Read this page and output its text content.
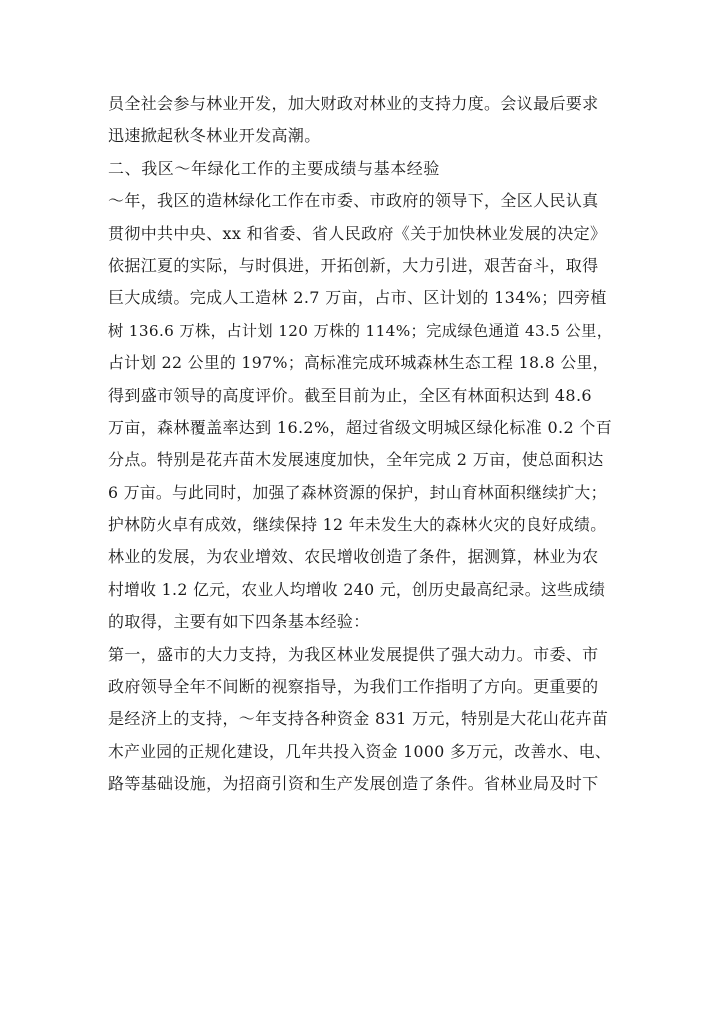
员全社会参与林业开发，加大财政对林业的支持力度。会议最后要求
迅速掀起秋冬林业开发高潮。
二、我区～年绿化工作的主要成绩与基本经验
～年，我区的造林绿化工作在市委、市政府的领导下，全区人民认真
贯彻中共中央、xx 和省委、省人民政府《关于加快林业发展的决定》
依据江夏的实际，与时俱进，开拓创新，大力引进，艰苦奋斗，取得
巨大成绩。完成人工造林 2.7 万亩，占市、区计划的 134%；四旁植
树 136.6 万株，占计划 120 万株的 114%；完成绿色通道 43.5 公里，
占计划 22 公里的 197%；高标准完成环城森林生态工程 18.8 公里，
得到盛市领导的高度评价。截至目前为止，全区有林面积达到 48.6
万亩，森林覆盖率达到 16.2%，超过省级文明城区绿化标准 0.2 个百
分点。特别是花卉苗木发展速度加快，全年完成 2 万亩，使总面积达
6 万亩。与此同时，加强了森林资源的保护，封山育林面积继续扩大；
护林防火卓有成效，继续保持 12 年未发生大的森林火灾的良好成绩。
林业的发展，为农业增效、农民增收创造了条件，据测算，林业为农
村增收 1.2 亿元，农业人均增收 240 元，创历史最高纪录。这些成绩
的取得，主要有如下四条基本经验：
第一，盛市的大力支持，为我区林业发展提供了强大动力。市委、市
政府领导全年不间断的视察指导，为我们工作指明了方向。更重要的
是经济上的支持，～年支持各种资金 831 万元，特别是大花山花卉苗
木产业园的正规化建设，几年共投入资金 1000 多万元，改善水、电、
路等基础设施，为招商引资和生产发展创造了条件。省林业局及时下
